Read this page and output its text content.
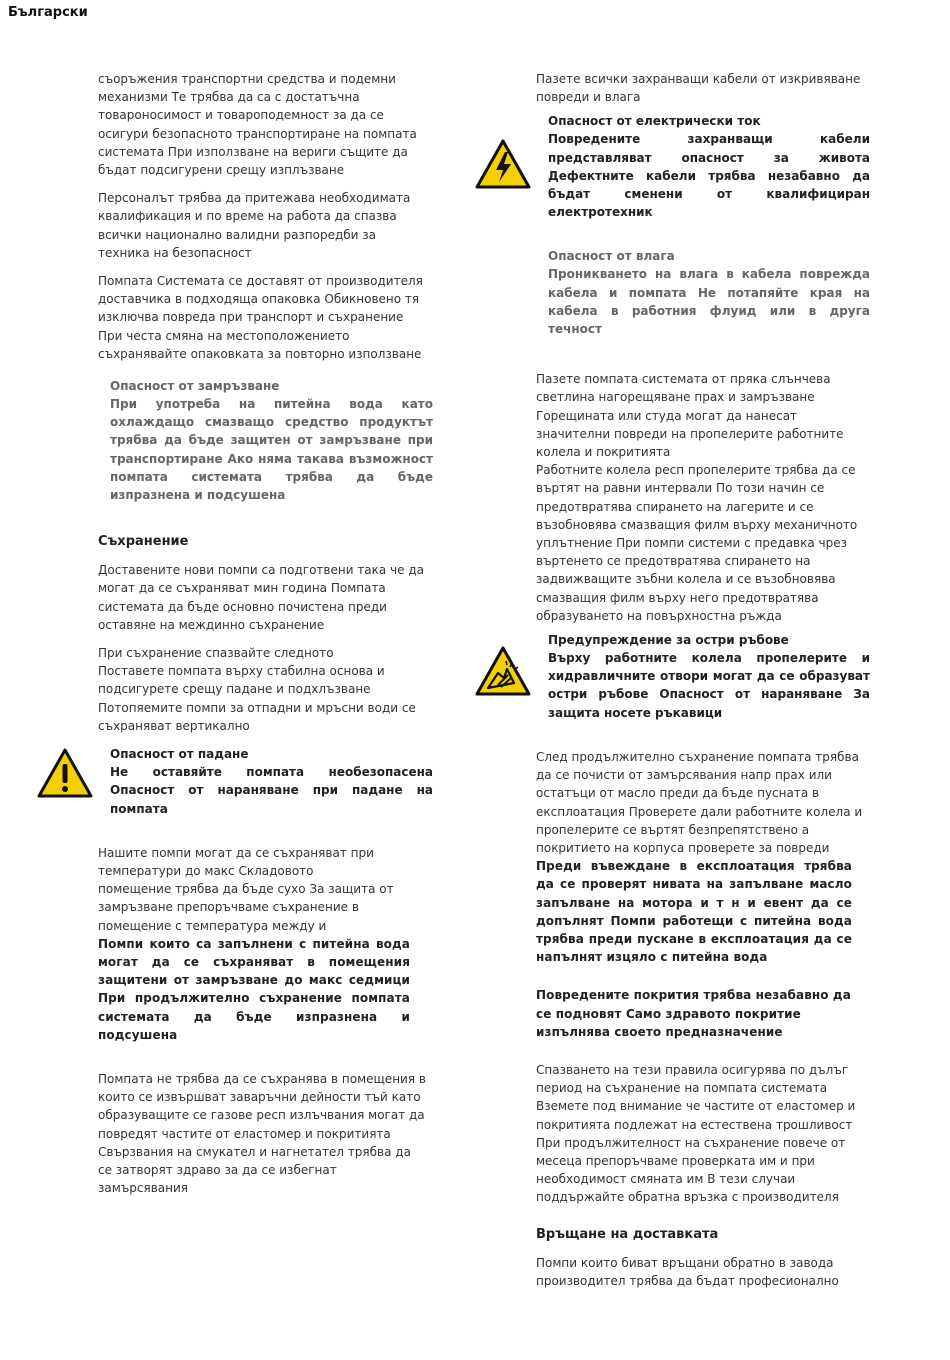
Български
съоръжения транспортни средства и подемни
механизми Те трябва да са с достатъчна
товароносимост и товароподемност за да се
осигури безопасното транспортиране на помпата
системата При използване на вериги същите да
бъдат подсигурени срещу изплъзване
Персоналът трябва да притежава необходимата
квалификация и по време на работа да спазва
всички национално валидни разпоредби за
техника на безопасност
Помпата Системата се доставят от производителя
доставчика в подходяща опаковка Обикновено тя
изключва повреда при транспорт и съхранение
При честа смяна на местоположението
съхранявайте опаковката за повторно използване
Опасност от замръзване
При употреба на питейна вода като охлаждащо смазващо средство продуктът трябва да бъде защитен от замръзване при транспортиране Ако няма такава възможност помпата системата трябва да бъде изпразнена и подсушена
Съхранение
Доставените нови помпи са подготвени така че да
могат да се съхраняват мин година Помпата
системата да бъде основно почистена преди
оставяне на междинно съхранение
При съхранение спазвайте следното
Поставете помпата върху стабилна основа и
подсигурете срещу падане и подхлъзване
Потопяемите помпи за отпадни и мръсни води се
съхраняват вертикално
Опасност от падане
Не оставяйте помпата необезопасена Опасност от нараняване при падане на помпата
Нашите помпи могат да се съхраняват при
температури до макс Складовото
помещение трябва да бъде сухо За защита от
замръзване препоръчваме съхранение в
помещение с температура между и

Помпи които са запълнени с питейна вода могат да се съхраняват в помещения защитени от замръзване до макс седмици При продължително съхранение помпата системата да бъде изпразнена и подсушена

Помпата не трябва да се съхранява в помещения в
които се извършват заваръчни дейности тъй като
образуващите се газове респ излъчвания могат да
повредят частите от еластомер и покритията
Свързвания на смукател и нагнетател трябва да
се затворят здраво за да се избегнат
замърсявания
Пазете всички захранващи кабели от изкривяване
повреди и влага
Опасност от електрически ток
Повредените захранващи кабели представляват опасност за живота Дефектните кабели трябва незабавно да бъдат сменени от квалифициран електротехник
Опасност от влага
Проникването на влага в кабела поврежда кабела и помпата Не потапяйте края на кабела в работния флуид или в друга течност
Пазете помпата системата от пряка слънчева
светлина нагорещяване прах и замръзване
Горещината или студа могат да нанесат
значителни повреди на пропелерите работните
колела и покритията
Работните колела респ пропелерите трябва да се
въртят на равни интервали По този начин се
предотвратява спирането на лагерите и се
възобновява смазващия филм върху механичното
уплътнение При помпи системи с предавка чрез
въртенето се предотвратява спирането на
задвижващите зъбни колела и се възобновява
смазващия филм върху него предотвратява
образуването на повърхностна ръжда
Предупреждение за остри ръбове
Върху работните колела пропелерите и хидравличните отвори могат да се образуват остри ръбове Опасност от нараняване За защита носете ръкавици
След продължително съхранение помпата трябва
да се почисти от замърсявания напр прах или
остатъци от масло преди да бъде пусната в
експлоатация Проверете дали работните колела и
пропелерите се въртят безпрепятствено а
покритието на корпуса проверете за повреди

Преди въвеждане в експлоатация трябва да се проверят нивата на запълване масло запълване на мотора и т н и евент да се допълнят Помпи работещи с питейна вода трябва преди пускане в експлоатация да се напълнят изцяло с питейна вода

Повредените покрития трябва незабавно да се подновят Само здравото покритие изпълнява своето предназначение

Спазването на тези правила осигурява по дълъг
период на съхранение на помпата системата
Вземете под внимание че частите от еластомер и
покритията подлежат на естествена трошливост
При продължителност на съхранение повече от
месеца препоръчваме проверката им и при
необходимост смяната им В тези случаи
поддържайте обратна връзка с производителя
Връщане на доставката
Помпи които биват връщани обратно в завода
производител трябва да бъдат професионално
